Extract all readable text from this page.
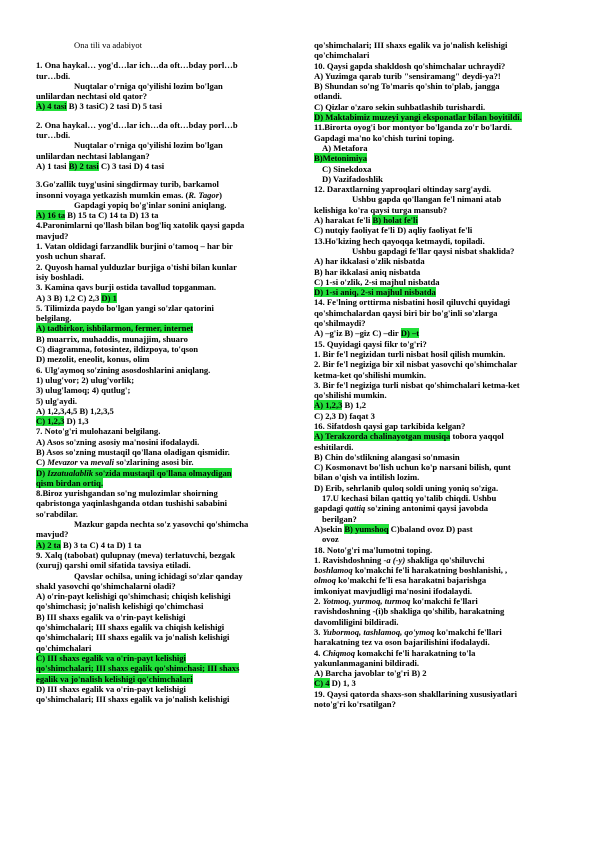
Ona tili va adabiyot
1. Ona haykal… yog'd…lar ich…da oft…bday porl…b
tur…bdi.
Nuqtalar o'rniga qo'yilishi lozim bo'lgan
unlilardan nechtasi old qator?
A) 4 tasi B) 3 tasiC) 2 tasi D) 5 tasi
2. Ona haykal… yog'd…lar ich…da oft…bday porl…b
tur…bdi.
Nuqtalar o'rniga qo'yilishi lozim bo'lgan
unlilardan nechtasi lablangan?
A) 1 tasi B) 2 tasi C) 3 tasi D) 4 tasi
3.Go'zallik tuyg'usini singdirmay turib, barkamol
insonni voyaga yetkazish mumkin emas. (R. Tagor)
Gapdagi yopiq bo'g'inlar sonini aniqlang.
A) 16 ta B) 15 ta C) 14 ta D) 13 ta
4.Paronimlarni qo'llash bilan bog'liq xatolik qaysi gapda
mavjud?
1. Vatan oldidagi farzandlik burjini o'tamoq – har bir
yosh uchun sharaf.
2. Quyosh hamal yulduzlar burjiga o'tishi bilan kunlar
isiy boshladi.
3. Kamina qavs burji ostida tavallud topganman.
A) 3 B) 1,2 C) 2,3 D) 1
5. Tilimizda paydo bo'lgan yangi so'zlar qatorini
belgilang.
A) tadbirkor, ishbilarmon, fermer, internet
B) muarrix, muhaddis, munajjim, shuaro
C) diagramma, fotosintez, ildizpoya, to'qson
D) mezolit, eneolit, konus, olim
6. Ulg'aymoq so'zining asosdoshlarini aniqlang.
1) ulug'vor; 2) ulug'vorlik;
3) ulug'lamoq; 4) qutlug';
5) ulg'aydi.
A) 1,2,3,4,5 B) 1,2,3,5
C) 1,2,3 D) 1,3
7. Noto'g'ri mulohazani belgilang.
A) Asos so'zning asosiy ma'nosini ifodalaydi.
B) Asos so'zning mustaqil qo'llana oladigan qismidir.
C) Mevazor va mevali so'zlarining asosi bir.
D) Izzatualablik so'zida mustaqil qo'llana olmaydigan
qism birdan ortiq.
8.Biroz yurishgandan so'ng mulozimlar shoirning
qabristonga yaqinlashganda otdan tushishi sababini
so'rabdilar.
Mazkur gapda nechta so'z yasovchi qo'shimcha
mavjud?
A) 2 ta B) 3 ta C) 4 ta D) 1 ta
9. Xalq (tabobat) qulupnay (meva) terlatuvchi, bezgak
(xuruj) qarshi omil sifatida tavsiya etiladi.
Qavslar ochilsa, uning ichidagi so'zlar qanday
shakl yasovchi qo'shimchalarni oladi?
A) o'rin-payt kelishigi qo'shimchasi; chiqish kelishigi
qo'shimchasi; jo'nalish kelishigi qo'chimchasi
B) III shaxs egalik va o'rin-payt kelishigi
qo'shimchalari; III shaxs egalik va chiqish kelishigi
qo'shimchalari; III shaxs egalik va jo'nalish kelishigi
qo'chimchalari
C) III shaxs egalik va o'rin-payt kelishigi
qo'shimchalari; III shaxs egalik qo'shimchasi; III shaxs
egalik va jo'nalish kelishigi qo'chimchalari
D) III shaxs egalik va o'rin-payt kelishigi
qo'shimchalari; III shaxs egalik va jo'nalish kelishigi
qo'shimchalari; III shaxs egalik va jo'nalish kelishigi
qo'chimchalari
10. Qaysi gapda shakldosh qo'shimchalar uchraydi?
A) Yuzimga qarab turib "sensiramang" deydi-ya?!
B) Shundan so'ng To'maris qo'shin to'plab, jangga
otlandi.
C) Qizlar o'zaro sekin suhbatlashib turishardi.
D) Maktabimiz muzeyi yangi eksponatlar bilan boyitildi.
11.Birorta oyog'i bor montyor bo'lganda zo'r bo'lardi.
Gapdagi ma'no ko'chish turini toping.
A) Metafora
B)Metonimiya
C) Sinekdoxa
D) Vazifadoshlik
12. Daraxtlarning yaproqlari oltinday sarg'aydi.
Ushbu gapda qo'llangan fe'l nimani atab
kelishiga ko'ra qaysi turga mansub?
A) harakat fe'li B) holat fe'li
C) nutqiy faoliyat fe'li D) aqliy faoliyat fe'li
13.Ho'kizing hech qayoqqa ketmaydi, topiladi.
Ushbu gapdagi fe'llar qaysi nisbat shaklida?
A) har ikkalasi o'zlik nisbatda
B) har ikkalasi aniq nisbatda
C) 1-si o'zlik, 2-si majhul nisbatda
D) 1-si aniq, 2-si majhul nisbatda
14. Fe'lning orttirma nisbatini hosil qiluvchi quyidagi
qo'shimchalardan qaysi biri bir bo'g'inli so'zlarga
qo'shilmaydi?
A) –g'iz B) –giz C) –dir D) –t
15. Quyidagi qaysi fikr to'g'ri?
1. Bir fe'l negizidan turli nisbat hosil qilish mumkin.
2. Bir fe'l negiziga bir xil nisbat yasovchi qo'shimchalar
ketma-ket qo'shilishi mumkin.
3. Bir fe'l negiziga turli nisbat qo'shimchalari ketma-ket
qo'shilishi mumkin.
A) 1,2,3 B) 1,2
C) 2,3 D) faqat 3
16. Sifatdosh qaysi gap tarkibida kelgan?
A) Terakzorda chalinayotgan musiqa tobora yaqqol
eshitilardi.
B) Chin do'stlikning alangasi so'nmasin
C) Kosmonavt bo'lish uchun ko'p narsani bilish, qunt
bilan o'qish va intilish lozim.
D) Erib, sehrlanib quloq soldi uning yoniq so'ziga.
17.U kechasi bilan qattiq yo'talib chiqdi. Ushbu
gapdagi qattiq so'zining antonimi qaysi javobda
berilgan?
A)sekin B) yumshoq C)baland ovoz D) past
ovoz
18. Noto'g'ri ma'lumotni toping.
1. Ravishdoshning -a (-y) shakliga qo'shiluvchi
boshlamoq ko'makchi fe'li harakatning boshlanishi, ,
olmoq ko'makchi fe'li esa harakatni bajarishga
imkoniyat mavjudligi ma'nosini ifodalaydi.
2. Yotmoq, yurmoq, turmoq ko'makchi fe'llari
ravishdoshning -(i)b shakliga qo'shilib, harakatning
davomliligini bildiradi.
3. Yubormoq, tashlamoq, qo'ymoq ko'makchi fe'llari
harakatning tez va oson bajarilishini ifodalaydi.
4. Chiqmoq komakchi fe'li harakatning to'la
yakunlanmaganini bildiradi.
A) Barcha javoblar to'g'ri B) 2
C) 4 D) 1, 3
19. Qaysi qatorda shaxs-son shakllarining xususiyatlari
noto'g'ri ko'rsatilgan?
